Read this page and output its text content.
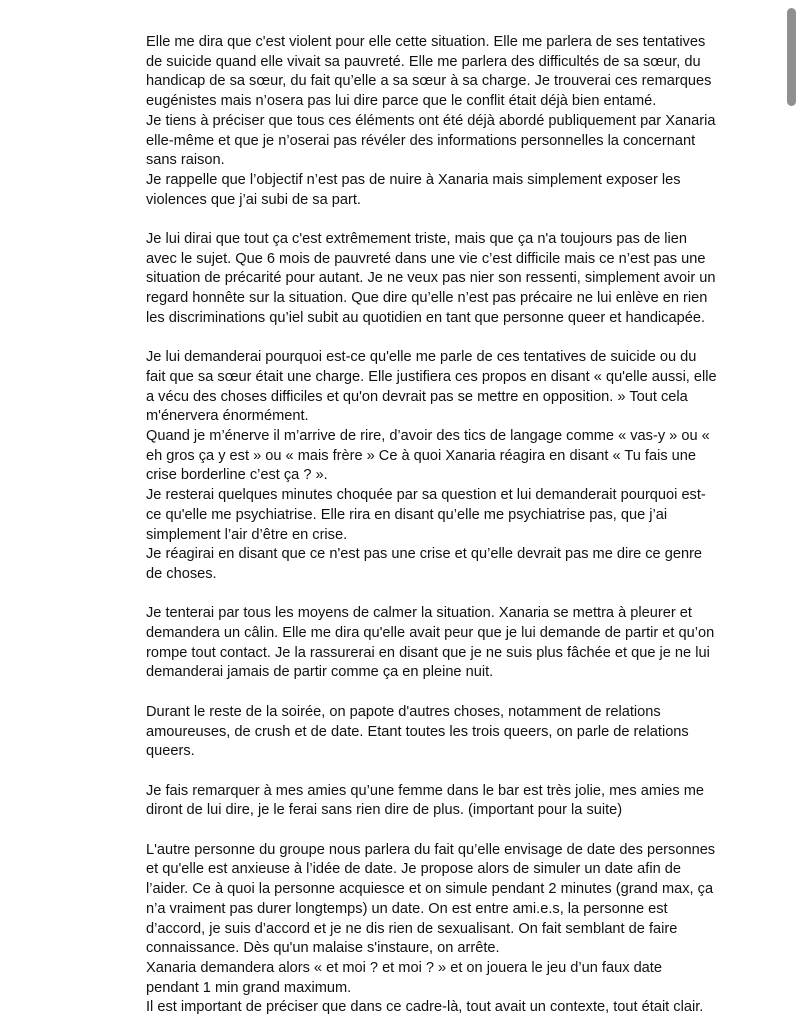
Elle me dira que c'est violent pour elle cette situation. Elle me parlera de ses tentatives de suicide quand elle vivait sa pauvreté. Elle me parlera des difficultés de sa sœur, du handicap de sa sœur, du fait qu’elle a sa sœur à sa charge. Je trouverai ces remarques eugénistes mais n’osera pas lui dire parce que le conflit était déjà bien entamé.

Je tiens à préciser que tous ces éléments ont été déjà abordé publiquement par Xanaria elle-même et que je n’oserai pas révéler des informations personnelles la concernant sans raison.

Je rappelle que l’objectif n’est pas de nuire à Xanaria mais simplement exposer les violences que j’ai subi de sa part.

Je lui dirai que tout ça c'est extrêmement triste, mais que ça n'a toujours pas de lien avec le sujet. Que 6 mois de pauvreté dans une vie c’est difficile mais ce n’est pas une situation de précarité pour autant. Je ne veux pas nier son ressenti, simplement avoir un regard honnête sur la situation. Que dire qu’elle n’est pas précaire ne lui enlève en rien les discriminations qu’iel subit au quotidien en tant que personne queer et handicapée.

Je lui demanderai pourquoi est-ce qu'elle me parle de ces tentatives de suicide ou du fait que sa sœur était une charge. Elle justifiera ces propos en disant « qu'elle aussi, elle a vécu des choses difficiles et qu'on devrait pas se mettre en opposition. » Tout cela m'énervera énormément.

Quand je m’énerve il m’arrive de rire, d’avoir des tics de langage comme « vas-y » ou « eh gros ça y est » ou « mais frère » Ce à quoi Xanaria réagira en disant « Tu fais une crise borderline c’est ça ? ».

Je resterai quelques minutes choquée par sa question et lui demanderait pourquoi est-ce qu'elle me psychiatrise. Elle rira en disant qu’elle me psychiatrise pas, que j’ai simplement l’air d’être en crise.

Je réagirai en disant que ce n'est pas une crise et qu’elle devrait pas me dire ce genre de choses.

Je tenterai par tous les moyens de calmer la situation. Xanaria se mettra à pleurer et demandera un câlin. Elle me dira qu'elle avait peur que je lui demande de partir et qu’on rompe tout contact. Je la rassurerai en disant que je ne suis plus fâchée et que je ne lui demanderai jamais de partir comme ça en pleine nuit.

Durant le reste de la soirée, on papote d'autres choses, notamment de relations amoureuses, de crush et de date. Etant toutes les trois queers, on parle de relations queers.

Je fais remarquer à mes amies qu’une femme dans le bar est très jolie, mes amies me diront de lui dire, je le ferai sans rien dire de plus. (important pour la suite)

L'autre personne du groupe nous parlera du fait qu’elle envisage de date des personnes et qu'elle est anxieuse à l’idée de date. Je propose alors de simuler un date afin de l’aider. Ce à quoi la personne acquiesce et on simule pendant 2 minutes (grand max, ça n’a vraiment pas durer longtemps) un date. On est entre ami.e.s, la personne est d’accord, je suis d’accord et je ne dis rien de sexualisant. On fait semblant de faire connaissance. Dès qu'un malaise s'instaure, on arrête.

Xanaria demandera alors « et moi ? et moi ? » et on jouera le jeu d’un faux date pendant 1 min grand maximum.

Il est important de préciser que dans ce cadre-là, tout avait un contexte, tout était clair.
